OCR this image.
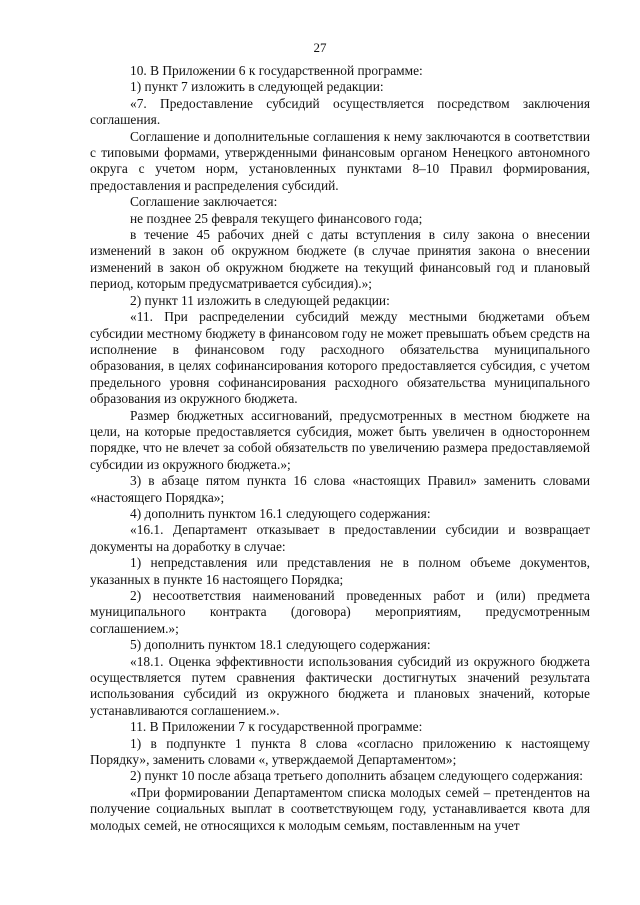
27

10. В Приложении 6 к государственной программе:

1) пункт 7 изложить в следующей редакции:

«7. Предоставление субсидий осуществляется посредством заключения соглашения.

Соглашение и дополнительные соглашения к нему заключаются в соответствии с типовыми формами, утвержденными финансовым органом Ненецкого автономного округа с учетом норм, установленных пунктами 8–10 Правил формирования, предоставления и распределения субсидий.

Соглашение заключается:

не позднее 25 февраля текущего финансового года;

в течение 45 рабочих дней с даты вступления в силу закона о внесении изменений в закон об окружном бюджете (в случае принятия закона о внесении изменений в закон об окружном бюджете на текущий финансовый год и плановый период, которым предусматривается субсидия).»;

2) пункт 11 изложить в следующей редакции:

«11. При распределении субсидий между местными бюджетами объем субсидии местному бюджету в финансовом году не может превышать объем средств на исполнение в финансовом году расходного обязательства муниципального образования, в целях софинансирования которого предоставляется субсидия, с учетом предельного уровня софинансирования расходного обязательства муниципального образования из окружного бюджета.

Размер бюджетных ассигнований, предусмотренных в местном бюджете на цели, на которые предоставляется субсидия, может быть увеличен в одностороннем порядке, что не влечет за собой обязательств по увеличению размера предоставляемой субсидии из окружного бюджета.»;

3) в абзаце пятом пункта 16 слова «настоящих Правил» заменить словами «настоящего Порядка»;

4) дополнить пунктом 16.1 следующего содержания:

«16.1. Департамент отказывает в предоставлении субсидии и возвращает документы на доработку в случае:

1) непредставления или представления не в полном объеме документов, указанных в пункте 16 настоящего Порядка;

2) несоответствия наименований проведенных работ и (или) предмета муниципального контракта (договора) мероприятиям, предусмотренным соглашением.»;

5) дополнить пунктом 18.1 следующего содержания:

«18.1. Оценка эффективности использования субсидий из окружного бюджета осуществляется путем сравнения фактически достигнутых значений результата использования субсидий из окружного бюджета и плановых значений, которые устанавливаются соглашением.».

11. В Приложении 7 к государственной программе:

1) в подпункте 1 пункта 8 слова «согласно приложению к настоящему Порядку», заменить словами «, утверждаемой Департаментом»;

2) пункт 10 после абзаца третьего дополнить абзацем следующего содержания:

«При формировании Департаментом списка молодых семей – претендентов на получение социальных выплат в соответствующем году, устанавливается квота для молодых семей, не относящихся к молодым семьям, поставленным на учет
